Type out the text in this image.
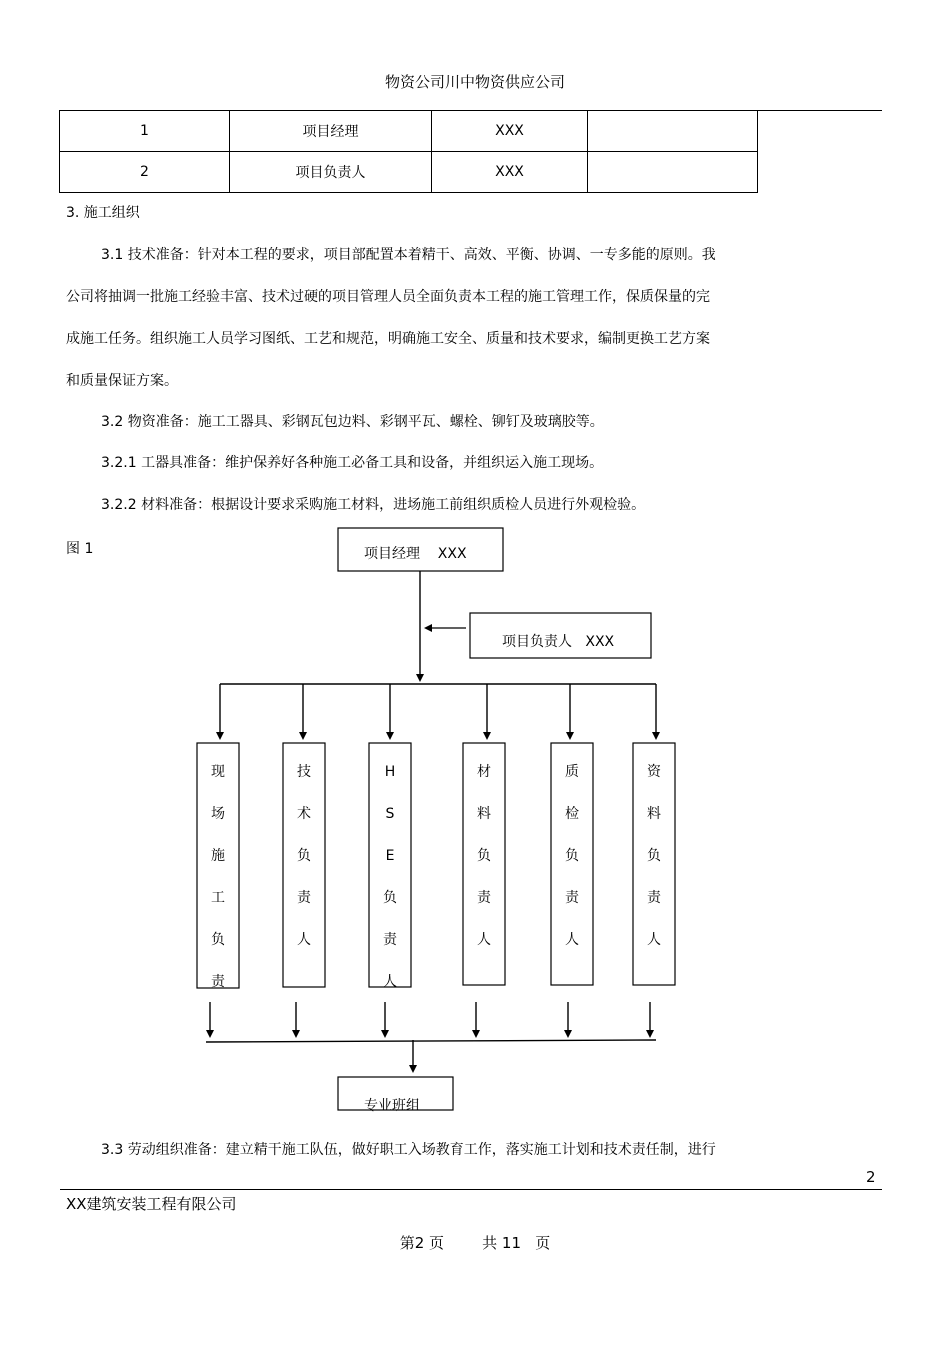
物资公司川中物资供应公司
1	项目经理	XXX	
2	项目负责人	XXX	
3. 施工组织
3.1 技术准备：针对本工程的要求，项目部配置本着精干、高效、平衡、协调、一专多能的原则。我
公司将抽调一批施工经验丰富、技术过硬的项目管理人员全面负责本工程的施工管理工作，保质保量的完
成施工任务。组织施工人员学习图纸、工艺和规范，明确施工安全、质量和技术要求，编制更换工艺方案
和质量保证方案。
3.2 物资准备：施工工器具、彩钢瓦包边料、彩钢平瓦、螺栓、铆钉及玻璃胶等。
3.2.1 工器具准备：维护保养好各种施工必备工具和设备，并组织运入施工现场。
3.2.2 材料准备：根据设计要求采购施工材料，进场施工前组织质检人员进行外观检验。
图 1	项目经理    XXX
项目负责人   XXX
现
场
施
工
负
责
技
术
负
责
人
H
S
E
负
责
人
材
料
负
责
人
质
检
负
责
人
资
料
负
责
人
专业班组
3.3 劳动组织准备：建立精干施工队伍，做好职工入场教育工作，落实施工计划和技术责任制，进行
2
XX建筑安装工程有限公司
第2 页        共 11   页
